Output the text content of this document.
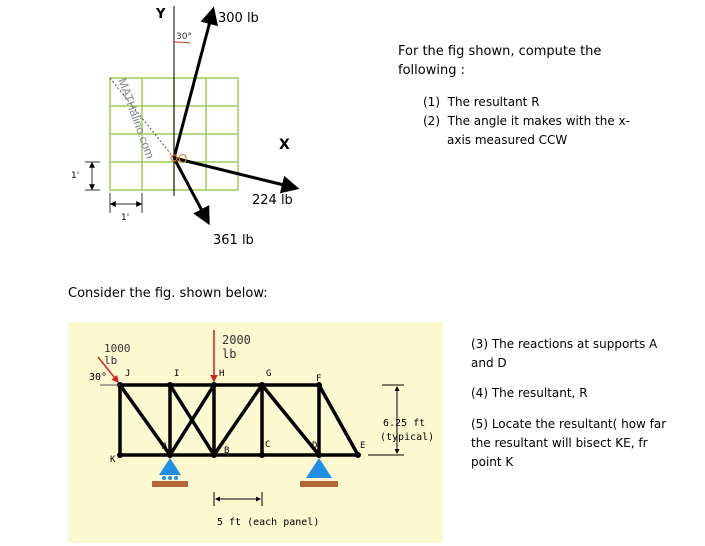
MATHalino.com
Y
30°
300 lb
X
O
224 lb
361 lb
1'
1'
For the fig shown, compute the
following :
(1)  The resultant R
(2)  The angle it makes with the x-
axis measured CCW
Consider the fig. shown below:
1000
lb
30°
2000
lb
J	I	H	G	F
K
A	B
C	D	E
6.25 ft
(typical)
5 ft (each panel)
(3) The reactions at supports A
and D
(4) The resultant, R
(5) Locate the resultant( how far
the resultant will bisect KE, fr
point K
